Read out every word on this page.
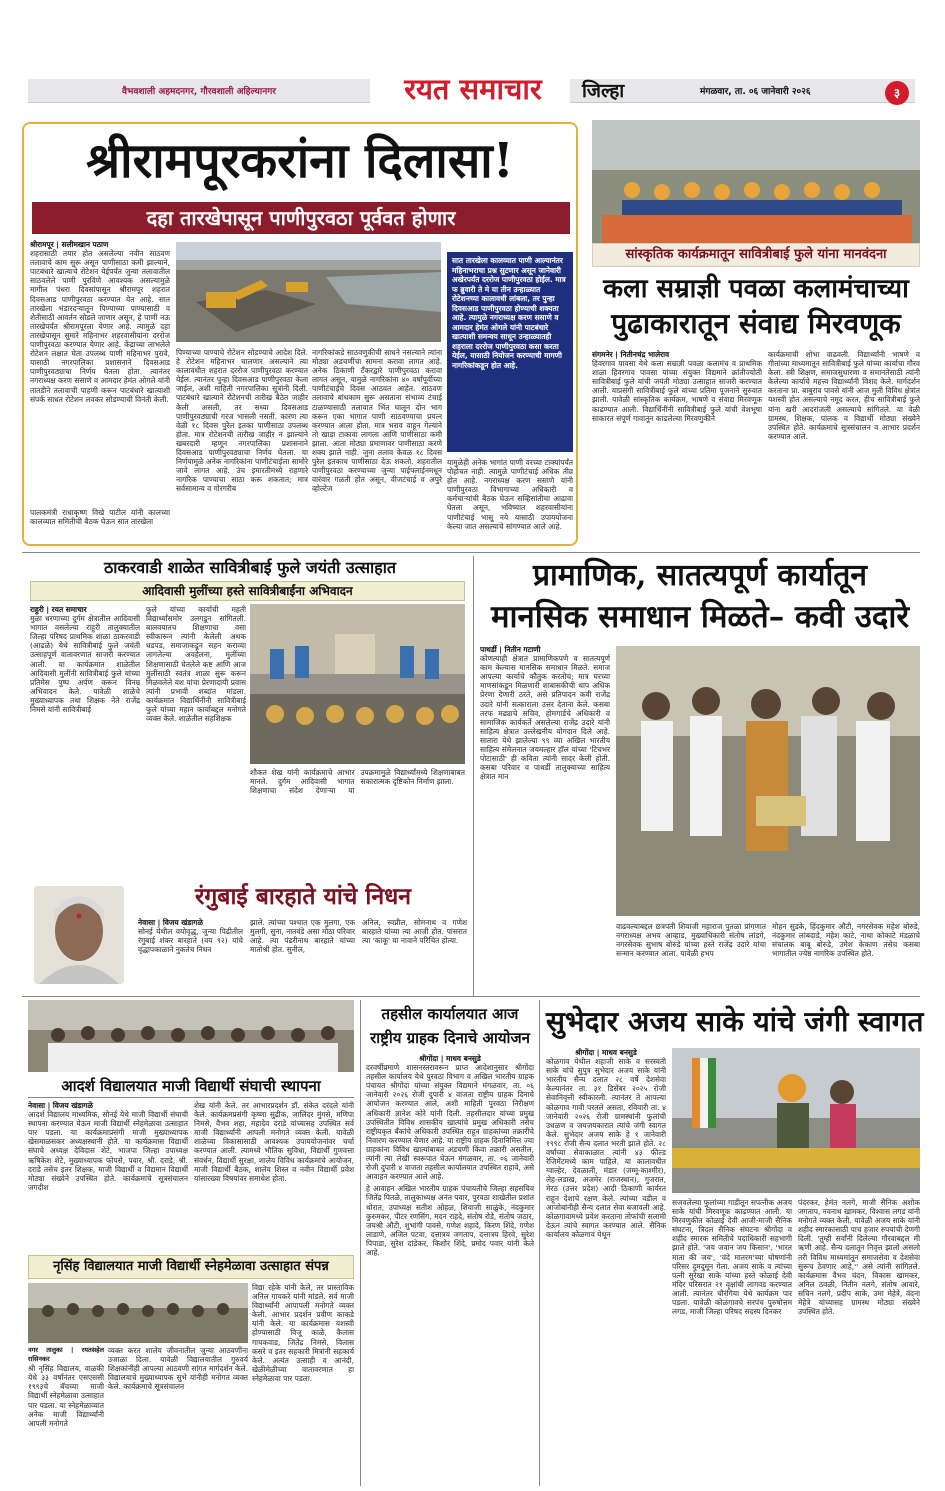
वैभवशाली अहमदनगर, गौरवशाली अहिल्यानगर	रयत समाचार	जिल्हा	मंगळवार, ता. ०६ जानेवारी २०२६	३
श्रीरामपूरकरांना दिलासा!
दहा तारखेपासून पाणीपुरवठा पूर्ववत होणार
श्रीरामपूर | सलीमखान पठाण
शहरासाठी तयार होत असलेल्या नवीन साठवण तलावाचे काम सुरू असून पाणीसाठा कमी झाल्याने, पाटबंधारे खात्याचे रोटेशन येईपर्यंत जुन्या तलावातील साठवलेले पाणी पुरविणे आवश्यक असल्यामुळे मागील पंधरा दिवसांपासून श्रीरामपूर शहरात दिवसआड पाणीपुरवठा करण्यात येत आहे. सात तारखेला भंडारदऱ्यातून पिण्याच्या पाण्यासाठी व शेतीसाठी आवर्तन सोडले जाणार असून, हे पाणी नऊ तारखेपर्यंत श्रीरामपूरला येणार आहे. त्यामुळे दहा तारखेपासून सुमारे महिनाभर शहरवासीयांना दररोज पाणीपुरवठा करण्यात येणार आहे. केंद्राच्या लाभलेले रोटेशन लक्षात घेता उपलब्ध पाणी महिनाभर पुरावे, यासाठी नगरपालिका प्रशासनाने दिवसआड पाणीपुरवठ्याचा निर्णय घेतला होता. त्यानंतर नगराध्यक्ष करण ससाणे व आमदार हेमंत ओगले यांनी तातडीने तलावाची पाहणी करून पाटबंधारे खात्याशी संपर्क साधत रोटेशन लवकर सोडण्याची विनंती केली.
पालकमंत्री राधाकृष्ण विखे पाटील यांनी कालच्या कालव्यात समितीची बैठक घेऊन सात तारखेला
पिण्याच्या पाण्याचे रोटेशन सोडण्याचे आदेश दिले. हे रोटेशन महिनाभर चालणार असल्याने त्या कालावधीत शहरात दररोज पाणीपुरवठा करण्यात येईल. त्यानंतर पुन्हा दिवसआड पाणीपुरवठा केला जाईल, अशी माहिती नगरपालिका सूत्रांनी दिली. पाटबंधारे खात्याने रोटेशनची तारीख बैठेत जाहीर केली असली, तर सध्या दिवसआड पाणीपुरवठ्याची गरज भासली नसती. कारण त्या वेळी १८ दिवस पुरेल इतका पाणीसाठा उपलब्ध होता. मात्र रोटेशनची तारीख जाहीर न झाल्याने खबरदारी म्हणून नगरपालिका प्रशासनाने दिवसआड पाणीपुरवठ्याचा निर्णय घेतला. या निर्णयामुळे अनेक नागरिकांना पाणीटंचाईला सामोरे जावे लागत आहे. उंच इमारतीमध्ये राहणारे नागरिक पाण्याचा साठा करू शकतात; मात्र सर्वसामान्य व गोरगरीब
नागरिकांकडे साठवणुकीची साधने नसल्याने त्यांना मोठ्या अडचणींचा सामना करावा लागत आहे. अनेक ठिकाणी टँकरद्वारे पाणीपुरवठा करावा लागत असून, यामुळे नागरिकांना ४० वर्षांपूर्वीच्या पाणीटंचाईचे दिवस आठवत आहेत. साठवण तलावाचे बांधकाम सुरू असताना संभाव्य टंचाई टाळण्यासाठी तलावात भिंत घालून दोन भाग करून एका भागात पाणी साठवण्याचा प्रयत्न करण्यात आला होता. मात्र भराव वाहून गेल्याने तो खाडा टाकावा लागला आणि पाणीसाठा कमी झाला. आता मोठ्या प्रमाणावर पाणीसाठा करणे शक्य झाले नाही. जुना तलाव केवळ १८ दिवस पुरेल इतकाच पाणीसाठा देऊ शकतो. शहरातील पाणीपुरवठा करण्याच्या जुन्या पाईपलाईनमधून वारंवार गळती होत असून, वीजटंचाई व अपुरे व्होल्टेज
सात तारखेला कालव्यात पाणी आल्यानंतर महिनाभराचा प्रश्न सुटणार असून जानेवारी अखेरपर्यंत दररोज पाणीपुरवठा होईल. मात्र फ ब्रुवारी ते मे या तीन उन्हाळ्यात रोटेशनच्या कालावधी लांबला, तर पुन्हा दिवसआड पाणीपुरवठा होण्याची शक्यता आहे. त्यामुळे नगराध्यक्ष करण ससाणे व आमदार हेमंत ओगले यांनी पाटबंधारे खात्याशी समन्वय साधून उन्हाळ्यातही शहराला दररोज पाणीपुरवठा कसा करता येईल, यासाठी नियोजन करण्याची मागणी नागरिकांकडून होत आहे.
यामुळेही अनेक भागांत पाणी वरच्या टाक्यांपर्यंत पोहोचत नाही. त्यामुळे पाणीटंचाई अधिक तीव्र होत आहे. नगराध्यक्ष करण ससाणे यांनी पाणीपुरवठा विभागाच्या अधिकारी व कर्मचाऱ्यांची बैठक घेऊन सव्हिसांतीचा आढावा घेतला असून, भविष्यात शहरवासीयांना पाणीटंचाई भासू नये यासाठी उपाययोजना केल्या जात असल्याचे सांगण्यात आले आहे.
सांस्कृतिक कार्यक्रमातून सावित्रीबाई फुले यांना मानवंदना
कला सम्राज्ञी पवळा कलामंचाच्या
पुढाकारातून संवाद्य मिरवणूक
संगमनेर | नितीनचंद्र भालेराव
हिवरगाव पावसा येथे कला सम्राज्ञी पवळा कलामंच व प्राथमिक शाळा हिवरगाव पावसा यांच्या संयुक्त विद्यमाने क्रांतीज्योती सावित्रीबाई फुले यांची जयंती मोठ्या उत्साहात साजरी करण्यात आली. याप्रसंगी सावित्रीबाई फुले यांच्या प्रतिमा पूजनाने सुरुवात झाली. यावेळी सांस्कृतिक कार्यक्रम, भाषणे व संवाद्य मिरवणूक काढण्यात आली. विद्यार्थिनींनी सावित्रीबाई फुले यांची वेशभूषा साकारत संपूर्ण गावातून काढलेल्या मिरवणुकीने
कार्यक्रमाची शोभा वाढवली. विद्यार्थ्यांनी भाषणे व गीतांच्या माध्यमातून सावित्रीबाई फुले यांच्या कार्याचा गौरव केला. स्त्री शिक्षण, समाजसुधारणा व समानतेसाठी त्यांनी केलेल्या कार्याचे महत्त्व विद्यार्थ्यांनी विशद केले. मार्गदर्शन करताना प्रा. बाबुराव पावसे यांनी आज मुली विविध क्षेत्रांत यशस्वी होत असल्याचे नमूद करत, हीच सावित्रीबाई फुले यांना खरी आदरांजली असल्याचे सांगितले. या वेळी ग्रामस्थ, शिक्षक, पालक व विद्यार्थी मोठ्या संख्येने उपस्थित होते. कार्यक्रमाचे सूत्रसंचालन व आभार प्रदर्शन करण्यात आले.
ठाकरवाडी शाळेत सावित्रीबाई फुले जयंती उत्साहात
आदिवासी मुलींच्या हस्ते सावित्रीबाईंना अभिवादन
राहुरी | रयत समाचार
मुळा धरणाच्या दुर्गम क्षेत्रातील आदिवासी भागात वसलेल्या राहुरी तालुक्यातील जिल्हा परिषद प्राथमिक शाळा ठाकरवाडी (आढळे) येथे सावित्रीबाई फुले जयंती उत्साहपूर्ण वातावरणात साजरी करण्यात आली. या कार्यक्रमात शाळेतील आदिवासी मुलींनी सावित्रीबाई फुले यांच्या प्रतिमेस पुष्प अर्पण करून विनम्र अभिवादन केले. यावेळी शाळेचे मुख्याध्यापक तथा शिक्षक नेते राजेंद्र निमसे यांनी सावित्रीबाई
फुले यांच्या कार्याची महती विद्यार्थ्यांसमोर उलगडून सांगितली. बालवयातच शिक्षणाचा वसा स्वीकारून त्यांनी केलेली अथक धडपड, समाजाकडून सहन कराव्या लागलेल्या अवहेलना, मुलींच्या शिक्षणासाठी घेतलेले कष्ट आणि आज मुलींसाठी स्वतंत्र शाळा सुरू करून मिळवलेले यश यांचा प्रेरणादायी प्रवास त्यांनी प्रभावी शब्दांत मांडला. कार्यक्रमात विद्यार्थिनींनी सावित्रीबाई फुले यांच्या महान कार्याबद्दल मनोगते व्यक्त केले. शाळेतील सहशिक्षक
शौकत शेख यांनी कार्यक्रमाचे आभार मानले. दुर्गम आदिवासी भागात शिक्षणाचा संदेश देणाऱ्या या उपक्रमामुळे विद्यार्थ्यांमध्ये शिक्षणाबाबत सकारात्मक दृष्टिकोन निर्माण झाला.
रंगुबाई बारहाते यांचे निधन
नेवासा | विजय खंडागळे
सोनई येथील वयोवृद्ध, जुन्या पिढीतील रंगुबाई शंकर बारहाते (वय ९२) यांचे वृद्धापकाळाने नुकतेच निधन
झाले. त्यांच्या पश्चात एक मुलगा, एक मुलगी, सुना, नातवंडे असा मोठा परिवार आहे. त्या पंढरीनाथ बारहाते यांच्या मातोश्री होत. सुनील,
अनिल, स्वप्नील, सोमनाथ व गणेश बारहाते यांच्या त्या आजी होत. पांसरात त्या 'काकू' या नावाने परिचित होत्या.
प्रामाणिक, सातत्यपूर्ण कार्यातून
मानसिक समाधान मिळते– कवी उदारे
पाथर्डी | नितीन गटाणी
कोणत्याही क्षेत्रात प्रामाणिकपणे व सातत्यपूर्ण काम केल्यास मानसिक समाधान मिळते. समाज आपल्या कार्याचे कौतुक करतोच; मात्र घरच्या माणसांकडून मिळणारी शाबासकीची थाप अधिक प्रेरणा देणारी ठरते, असे प्रतिपादन कवी राजेंद्र उदारे यांनी सत्काराला उत्तर देताना केले. कसबा तरफ मढ्याचे सचिव, होमगार्डचे अधिकारी व सामाजिक कार्यकर्ते असलेल्या राजेंद्र उदारे यांनी साहित्य क्षेत्रात उल्लेखनीय योगदान दिले आहे. सातारा येथे झालेल्या ९९ व्या अखिल भारतीय साहित्य संमेलनात जयमल्हार हॉल यांच्या 'टिचभर पोटासाठी' ही कविता त्यांनी सादर केली होती. कसबा परिवार व पाथर्डी तालुक्याच्या साहित्य क्षेत्रात मान
वाढवल्याबद्दल छत्रपती शिवाजी महाराज पुतळा प्रांगणात नगराध्यक्ष अभय आव्हाड, मुख्याधिकारी संतोष लांडगे, नगरसेवक सुभाष बोरुडे यांच्या हस्ते राजेंद्र उदारे यांचा सन्मान करण्यात आला. यावेळी हभप
मोहन सुडके, हिंदकुमार औटी, नगरसेवक महेश बोरुडे, नंदकुमार लांबदाडे, महेश काटे, नाथा कोकाटे मंडळाचे संचालक बाबू बोरुडे, उमेश केकाण तसेच कसबा भागातील ज्येष्ठ नागरिक उपस्थित होते.
आदर्श विद्यालयात माजी विद्यार्थी संघाची स्थापना
नेवासा | विजय खंडागळे
आदर्श विद्यालय माध्यमिक, सोनई येथे माजी विद्यार्थी संघाची स्थापना करण्यात येऊन माजी विद्यार्थी स्नेहमेळावा उत्साहात पार पडला. या कार्यक्रमाप्रसंगी माजी मुख्याध्यापक खेसमाळसकर अध्यक्षस्थानी होते. या कार्यक्रमास विद्यार्थी संघाचे अध्यक्ष देविदास शेटे, भाजपा जिल्हा उपाध्यक्ष ऋषिकेश शेटे, मुख्याध्यापक फोपसे, पवार, श्री. दराडे, श्री. दराडे तसेच इतर शिक्षक, माजी विद्यार्थी व विद्यमान विद्यार्थी मोठ्या संख्येने उपस्थित होते. कार्यक्रमाचे सूत्रसंचालन जगदीश
शेख यांनी केले. तर आभारप्रदर्शन डॉ. संकेत दरंदले यांनी केले. कार्यक्रमप्रसंगी कृष्णा सुद्रीक, जालिंदर मुंगसे, मणिपा निमसे, वैभव शहा, महादेव दराडे यांच्यासह उपस्थित सर्व माजी विद्यार्थ्यांनी आपली मनोगते व्यक्त केली. यावेळी शाळेच्या विकासासाठी आवश्यक उपाययोजनांवर चर्चा करण्यात आली. त्यामध्ये भौतिक सुविधा, विद्यार्थी गुणवत्ता संवर्धन, विद्यार्थी सुरक्षा, शालेय विविध कार्यक्रमांचे आयोजन, माजी विद्यार्थी बैठक, शालेय शिस्त व नवीन विद्यार्थी प्रवेश यांसारख्या विषयांवर समाधेश होता.
नृसिंह विद्यालयात माजी विद्यार्थी स्नेहमेळावा उत्साहात संपन्न
नगर तालुका | रयतसहेल रासिनकर
श्री नृसिंह विद्यालय, वाळकी येथे ३३ वर्षांनंतर एसएससी १९९३चे बॅचच्या माजी विद्यार्थी स्नेहमेळावा उत्साहात पार पडला. या स्नेहमेळाव्यात अनेक माजी विद्यार्थ्यांनी आपली मनोगते
व्यक्त करत शालेय जीवनातील जुन्या आठवणींना उजाळा दिला. यावेळी विद्यालयातील गुरुवर्य शिक्षकांनीही आपल्या आठवणी सांगत मार्गदर्शन केले. विद्यालयाचे मुख्याध्यापक सुभे यांनीही मनोगत व्यक्त केले. कार्यक्रमाचे सूत्रसंचालन
विद्या रहेके यांनी केले, तर प्रास्ताविक अनिल गायकरे यांनी मांडले. सर्व माजी विद्यार्थ्यांनी आपापली मनोगते व्यक्त केली. आभार प्रदर्शन प्रवीण काकडे यांनी केले. या कार्यक्रमास यशस्वी होण्यासाठी विजू काळे, कैलास गायकवाड, जितेंद्र निमसे, विलास कसरे व इतर सहकारी मित्रांनी सहकार्य केले. अत्यंत उत्साही व आनंदी, खेळीमेळीच्या वातावरणात हा स्नेहमेळावा पार पडला.
तहसील कार्यालयात आज
राष्ट्रीय ग्राहक दिनाचे आयोजन
श्रीगोंदा | माधव बनसुडे
दरवर्षीप्रमाणे शासनस्तरावरून प्राप्त आदेशानुसार श्रीगोंदा तहसील कार्यालय येथे पुरवठा विभाग व अखिल भारतीय ग्राहक पंचायत श्रीगोंदा यांच्या संयुक्त विद्यमाने मंगळवार, ता. ०६ जानेवारी २०२६ रोजी दुपारी ४ वाजता राष्ट्रीय ग्राहक दिनाचे आयोजन करण्यात आले, अशी माहिती पुरवठा निरीक्षण अधिकारी ज्ञानेश कोरे यांनी दिली. तहसीलदार यांच्या प्रमुख उपस्थितीत विविध शासकीय खात्यांचे प्रमुख अधिकारी तसेच राष्ट्रीयकृत बँकांचे अधिकारी उपस्थित राहून ग्राहकांच्या तक्रारींचे निवारण करण्यात येणार आहे. या राष्ट्रीय ग्राहक दिनानिमित्त ज्या ग्राहकांना विविध खात्यांबाबत अडचणी किंवा तक्रारी असतील, त्यांनी त्या लेखी स्वरूपात घेऊन मंगळवार, ता. ०६ जानेवारी रोजी दुपारी ४ वाजता तहसील कार्यालयात उपस्थित राहावे, असे आवाहन करण्यात आले आहे.
हे आवाहन अखिल भारतीय ग्राहक पंचायतीचे जिल्हा सहसचिव जितेंद्र पितळे, तालुकाध्यक्ष अनंत पवार, पुरवठा शाखेतील प्रशांत थोरात, उपाध्यक्ष सतीश ओहळ, शिवाजी साळुंके, नंदकुमार कुरुमकर, पीटर रणसिंग, मदन राहदे, संतोष रोडे, संतोष जठार, जयश्री औटी, शुभांगी पावसे, गणेश शहादे, किरण शिंदे, गणेश लाडाणे, अजित पटवा, दत्तात्रय जगताप, दत्तात्रय हिरवे, सुरेश पिपाडा, सुरेश दांडेकर, किशोर शिंदे, प्रमोद पवार यांनी केले आहे.
सुभेदार अजय साके यांचे जंगी स्वागत
श्रीगोंदा | माधव बनसुडे
कोळगाव येथील शहाजी साके व सरस्वती साके यांचे सुपुत्र सुभेदार अजय साके यांनी भारतीय सैन्य दलात २८ वर्षे देशसेवा केल्यानंतर ता. ३१ डिसेंबर २०२५ रोजी सेवानिवृत्ती स्वीकारली. त्यानंतर ते आपल्या कोळगाव गावी परतले असता, रविवारी ता. ४ जानेवारी २०२६ रोजी ग्रामस्थांनी फुलांची उधळण व जयजयकारात त्यांचे जंगी स्वागत केले. सुभेदार अजय साके हे १ जानेवारी १९९८ रोजी सैन्य दलात भरती झाले होते. २८ वर्षांच्या सेवाकाळात त्यांनी ४३ फील्ड रेजिमेंटमध्ये काम पाहिले. या कालावधीत ग्वाल्हेर, देवळाली, मंडार (जम्मू-काश्मीर), लेह-लडाख, अजमेर (राजस्थान), गुजरात, मेरठ (उत्तर प्रदेश) आदी ठिकाणी कार्यरत राहून देशाचे रक्षण केले. त्यांच्या वडील व आजोबांनीही सैन्य दलात सेवा बजावली आहे. कोळगावामध्ये प्रवेश करताना तोफांची सलामी देऊन त्यांचे स्वागत करण्यात आले. सैनिक कार्यालय कोळगाव येथून
सजवलेल्या फुलांच्या गाडीतून सपत्नीक अजय साके यांची मिरवणूक काढण्यात आली. या मिरवणुकीत कोळाई देवी आजी-माजी सैनिक संघटना, त्रिदल सैनिक संघटना श्रीगोंदा व शहीद स्मारक समितीचे पदाधिकारी सहभागी झाले होते. 'जय जवान जय किसान', 'भारत माता की जय', 'वंदे मातरम'च्या घोषणांनी परिसर दुमदुमून गेला. अजय साके व त्यांच्या पत्नी सुरेखा साके यांच्या हस्ते कोळाई देवी मंदिर परिसरात २१ वृक्षांची लागवड करण्यात आली. त्यानंतर चौरंगिया येथे कार्यक्रम पार पडला. यावेळी कोळगावचे सरपंच पुरुषोत्तम लगड, माजी जिल्हा परिषद सदस्य दिनकर
पंदरकर, हेमंत नलगे, माजी सैनिक अशोक जगताप, नवनाथ खामकर, विश्वास लगड यांनी मनोगते व्यक्त केली. यावेळी अजय साके यांनी शहीद स्मारकासाठी पाच हजार रुपयांची देणगी दिली. 'तुम्ही सर्वांनी दिलेल्या गौरवाबद्दल मी ऋणी आहे. सैन्य दलातून निवृत्त झालो असलो तरी विविध माध्यमांतून समाजसेवा व देशसेवा सुरूच ठेवणार आहे,'' असे त्यांनी सांगितले. कार्यक्रमास वैभव चंदन, विकास खामकर, अनिल ठवळी, नितीन नलगे, संतोष आवारे, सचिन नलगे, प्रदीप साके, उमा मेहेत्रे, वंदना मेहेत्रे यांच्यासह ग्रामस्थ मोठ्या संख्येने उपस्थित होते.
